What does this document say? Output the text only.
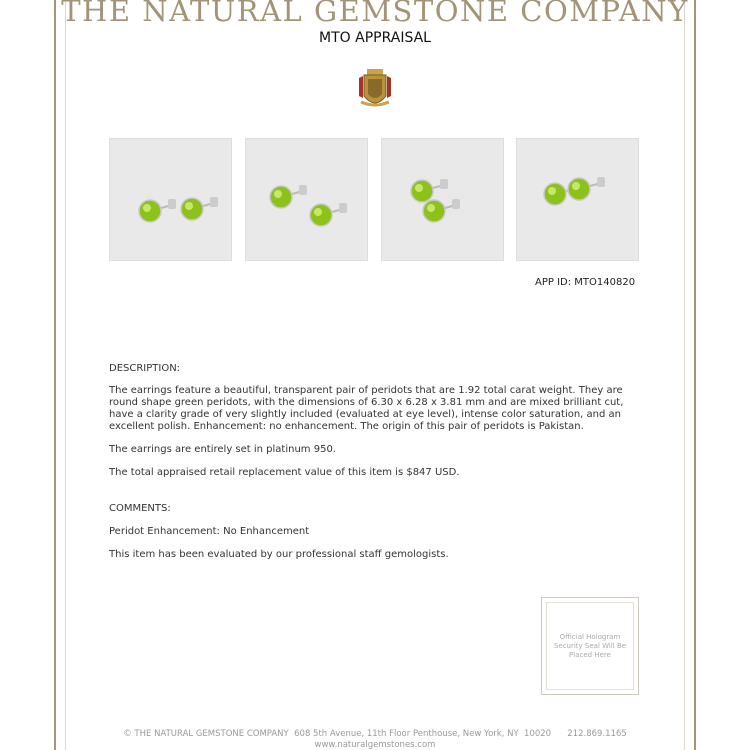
THE NATURAL GEMSTONE COMPANY
MTO APPRAISAL
APP ID: MTO140820
DESCRIPTION:
The earrings feature a beautiful, transparent pair of peridots that are 1.92 total carat weight. They are round shape green peridots, with the dimensions of 6.30 x 6.28 x 3.81 mm and are mixed brilliant cut, have a clarity grade of very slightly included (evaluated at eye level), intense color saturation, and an excellent polish. Enhancement: no enhancement. The origin of this pair of peridots is Pakistan.
The earrings are entirely set in platinum 950.
The total appraised retail replacement value of this item is $847 USD.
COMMENTS:
Peridot Enhancement: No Enhancement
This item has been evaluated by our professional staff gemologists.
Official Hologram Security Seal Will Be Placed Here
© THE NATURAL GEMSTONE COMPANY  608 5th Avenue, 11th Floor Penthouse, New York, NY  10020      212.869.1165
www.naturalgemstones.com
